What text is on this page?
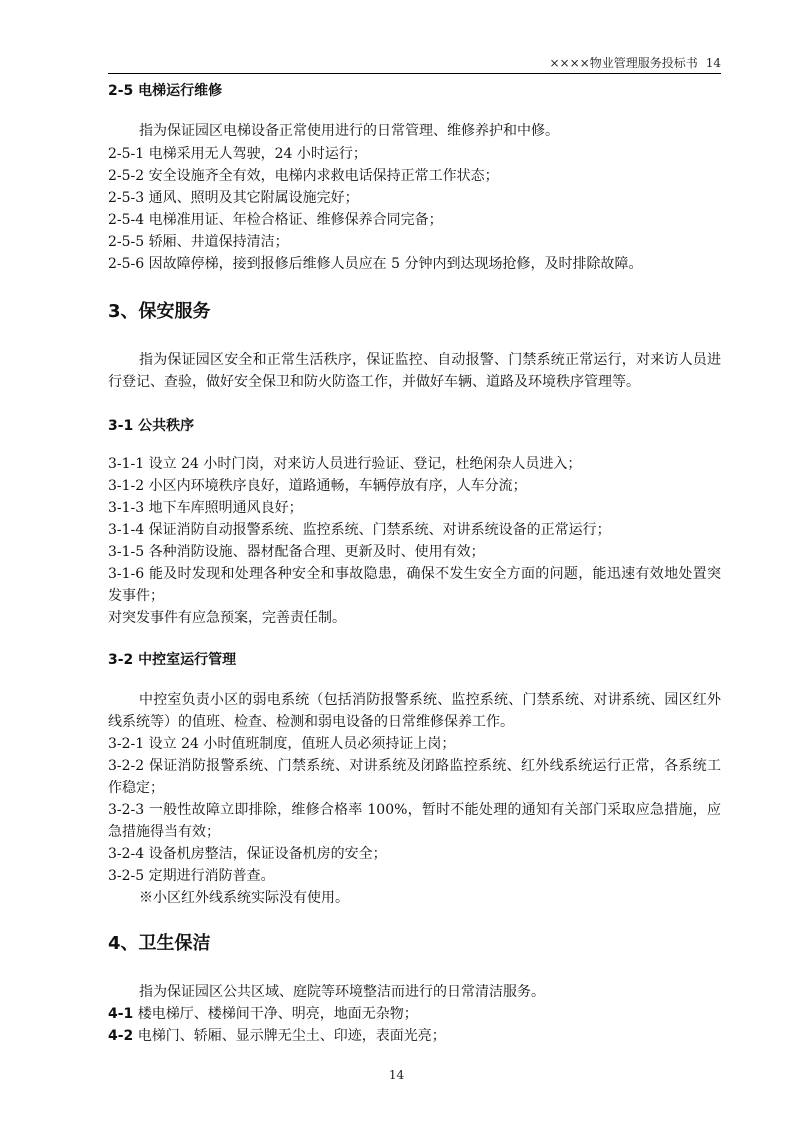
××××物业管理服务投标书 14
2-5 电梯运行维修

指为保证园区电梯设备正常使用进行的日常管理、维修养护和中修。

2-5-1 电梯采用无人驾驶，24 小时运行；

2-5-2 安全设施齐全有效，电梯内求救电话保持正常工作状态；

2-5-3 通风、照明及其它附属设施完好；

2-5-4 电梯准用证、年检合格证、维修保养合同完备；

2-5-5 轿厢、井道保持清洁；

2-5-6 因故障停梯，接到报修后维修人员应在 5 分钟内到达现场抢修，及时排除故障。

3、保安服务

指为保证园区安全和正常生活秩序，保证监控、自动报警、门禁系统正常运行，对来访人员进行登记、查验，做好安全保卫和防火防盗工作，并做好车辆、道路及环境秩序管理等。

3-1 公共秩序

3-1-1 设立 24 小时门岗，对来访人员进行验证、登记，杜绝闲杂人员进入；

3-1-2 小区内环境秩序良好，道路通畅，车辆停放有序，人车分流；

3-1-3 地下车库照明通风良好；

3-1-4 保证消防自动报警系统、监控系统、门禁系统、对讲系统设备的正常运行；

3-1-5 各种消防设施、器材配备合理、更新及时、使用有效；

3-1-6 能及时发现和处理各种安全和事故隐患，确保不发生安全方面的问题，能迅速有效地处置突发事件；

对突发事件有应急预案，完善责任制。

3-2 中控室运行管理

中控室负责小区的弱电系统（包括消防报警系统、监控系统、门禁系统、对讲系统、园区红外线系统等）的值班、检查、检测和弱电设备的日常维修保养工作。

3-2-1 设立 24 小时值班制度，值班人员必须持证上岗；

3-2-2 保证消防报警系统、门禁系统、对讲系统及闭路监控系统、红外线系统运行正常，各系统工作稳定；

3-2-3 一般性故障立即排除，维修合格率 100%，暂时不能处理的通知有关部门采取应急措施，应急措施得当有效；

3-2-4 设备机房整洁，保证设备机房的安全；

3-2-5 定期进行消防普查。

※小区红外线系统实际没有使用。

4、卫生保洁

指为保证园区公共区域、庭院等环境整洁而进行的日常清洁服务。

4-1 楼电梯厅、楼梯间干净、明亮，地面无杂物；

4-2 电梯门、轿厢、显示牌无尘土、印迹，表面光亮；

14
